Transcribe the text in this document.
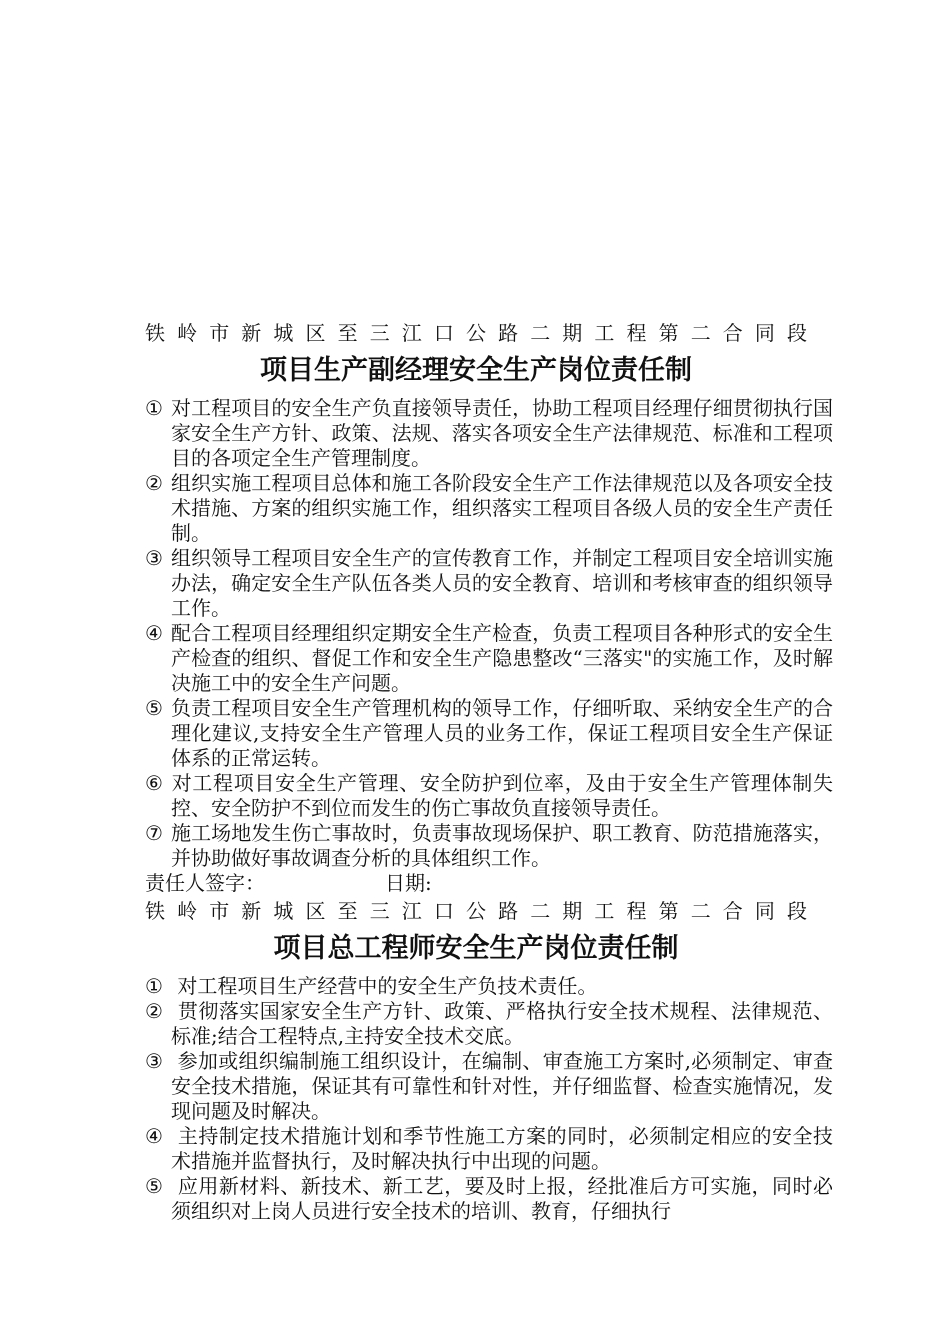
铁岭市新城区至三江口公路二期工程第二合同段
项目生产副经理安全生产岗位责任制
① 对工程项目的安全生产负直接领导责任，协助工程项目经理仔细贯彻执行国家安全生产方针、政策、法规、落实各项安全生产法律规范、标准和工程项目的各项定全生产管理制度。
② 组织实施工程项目总体和施工各阶段安全生产工作法律规范以及各项安全技术措施、方案的组织实施工作，组织落实工程项目各级人员的安全生产责任制。
③ 组织领导工程项目安全生产的宣传教育工作，并制定工程项目安全培训实施办法，确定安全生产队伍各类人员的安全教育、培训和考核审查的组织领导工作。
④ 配合工程项目经理组织定期安全生产检查，负责工程项目各种形式的安全生产检查的组织、督促工作和安全生产隐患整改“三落实"的实施工作，及时解决施工中的安全生产问题。
⑤ 负责工程项目安全生产管理机构的领导工作，仔细听取、采纳安全生产的合理化建议,支持安全生产管理人员的业务工作，保证工程项目安全生产保证体系的正常运转。
⑥ 对工程项目安全生产管理、安全防护到位率，及由于安全生产管理体制失控、安全防护不到位而发生的伤亡事故负直接领导责任。
⑦ 施工场地发生伤亡事故时，负责事故现场保护、职工教育、防范措施落实，并协助做好事故调查分析的具体组织工作。
责任人签字：	日期:
铁岭市新城区至三江口公路二期工程第二合同段
项目总工程师安全生产岗位责任制
① 对工程项目生产经营中的安全生产负技术责任。
② 贯彻落实国家安全生产方针、政策、严格执行安全技术规程、法律规范、标准;结合工程特点,主持安全技术交底。
③ 参加或组织编制施工组织设计，在编制、审查施工方案时,必须制定、审查安全技术措施，保证其有可靠性和针对性，并仔细监督、检查实施情况，发现问题及时解决。
④ 主持制定技术措施计划和季节性施工方案的同时，必须制定相应的安全技术措施并监督执行，及时解决执行中出现的问题。
⑤ 应用新材料、新技术、新工艺，要及时上报，经批准后方可实施，同时必须组织对上岗人员进行安全技术的培训、教育，仔细执行
